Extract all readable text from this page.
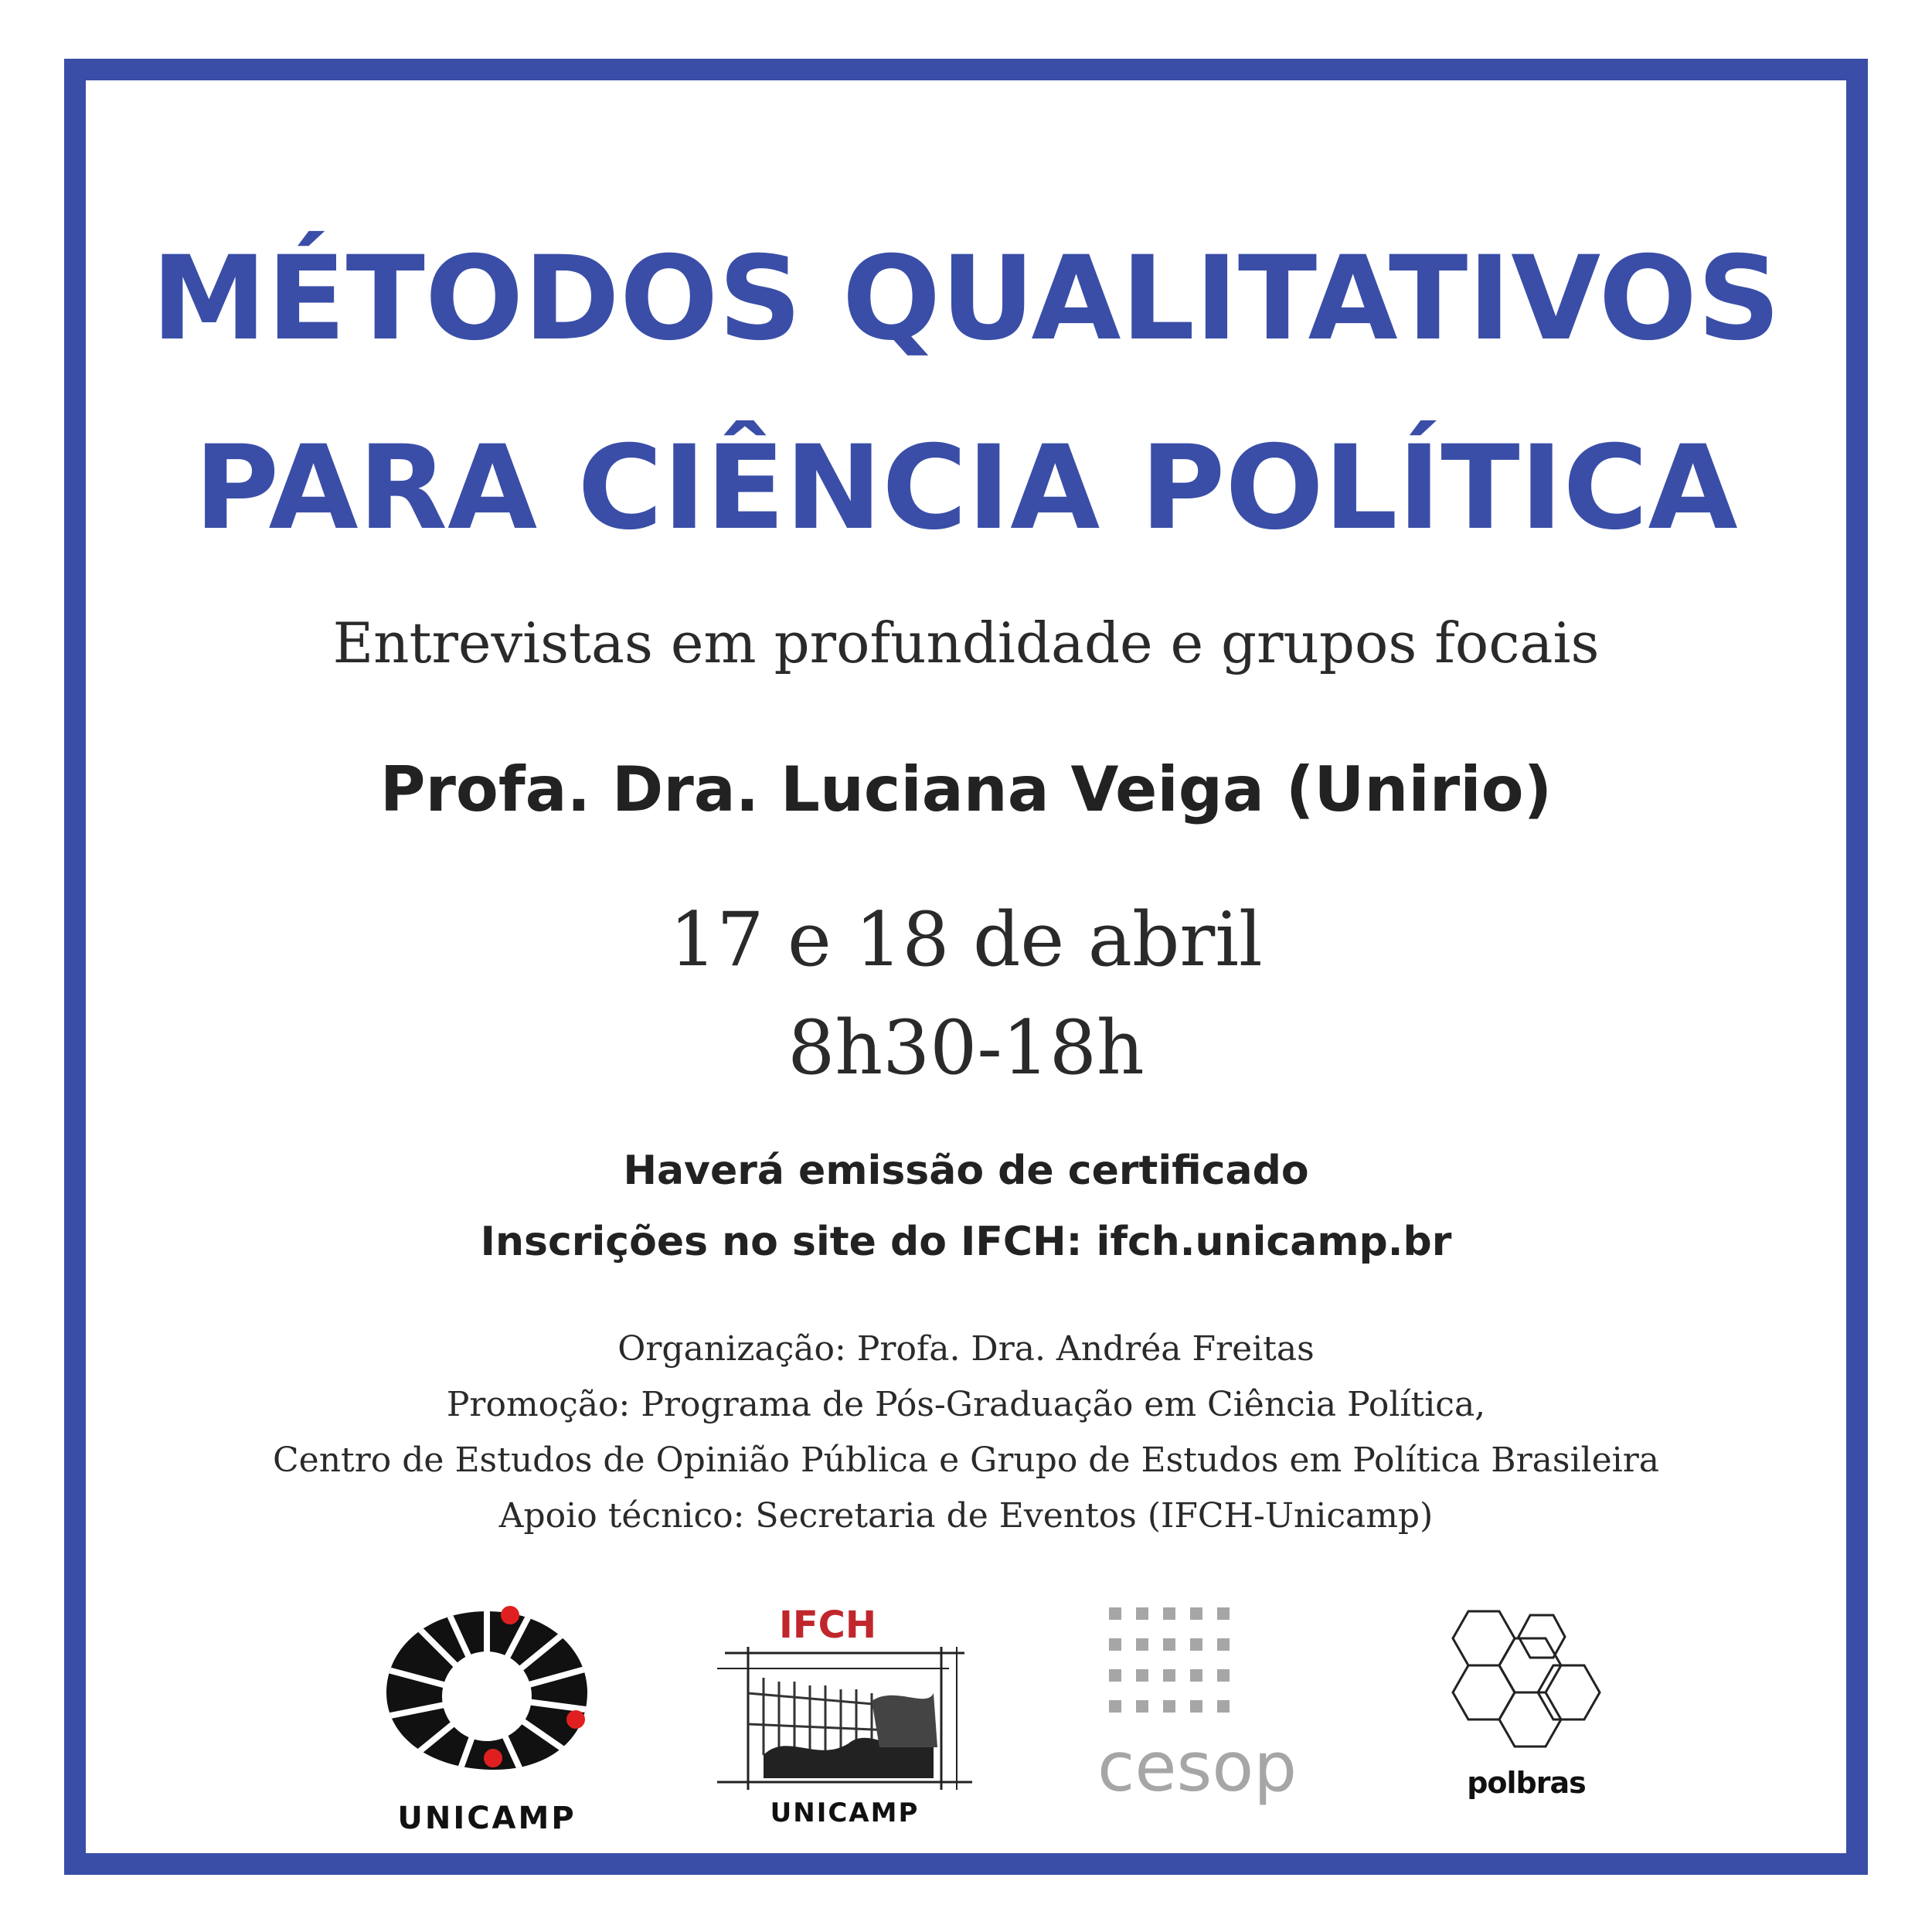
MÉTODOS QUALITATIVOS
PARA CIÊNCIA POLÍTICA
Entrevistas em profundidade e grupos focais
Profa. Dra. Luciana Veiga (Unirio)
17 e 18 de abril
8h30-18h
Haverá emissão de certificado
Inscrições no site do IFCH: ifch.unicamp.br
Organização: Profa. Dra. Andréa Freitas
Promoção: Programa de Pós-Graduação em Ciência Política,
Centro de Estudos de Opinião Pública e Grupo de Estudos em Política Brasileira
Apoio técnico: Secretaria de Eventos (IFCH-Unicamp)
UNICAMP
IFCH
UNICAMP
cesop	polbras
